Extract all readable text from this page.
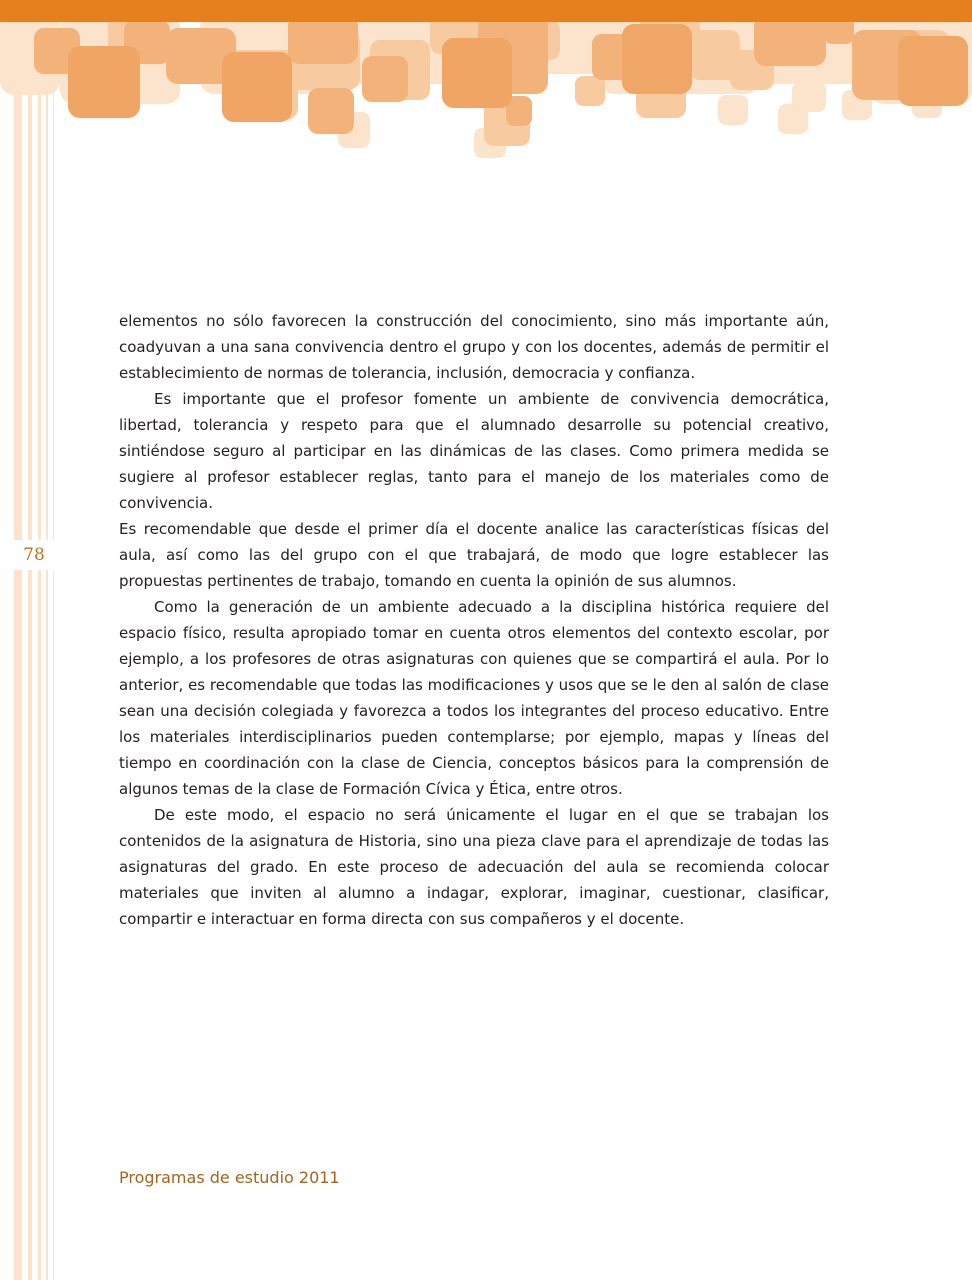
78

elementos no sólo favorecen la construcción del conocimiento, sino más importante aún, coadyuvan a una sana convivencia dentro el grupo y con los docentes, además de permitir el establecimiento de normas de tolerancia, inclusión, democracia y confianza.

Es importante que el profesor fomente un ambiente de convivencia democrática, libertad, tolerancia y respeto para que el alumnado desarrolle su potencial creativo, sintiéndose seguro al participar en las dinámicas de las clases. Como primera medida se sugiere al profesor establecer reglas, tanto para el manejo de los materiales como de convivencia.

Es recomendable que desde el primer día el docente analice las características físicas del aula, así como las del grupo con el que trabajará, de modo que logre establecer las propuestas pertinentes de trabajo, tomando en cuenta la opinión de sus alumnos.

Como la generación de un ambiente adecuado a la disciplina histórica requiere del espacio físico, resulta apropiado tomar en cuenta otros elementos del contexto escolar, por ejemplo, a los profesores de otras asignaturas con quienes que se compartirá el aula. Por lo anterior, es recomendable que todas las modificaciones y usos que se le den al salón de clase sean una decisión colegiada y favorezca a todos los integrantes del proceso educativo. Entre los materiales interdisciplinarios pueden contemplarse; por ejemplo, mapas y líneas del tiempo en coordinación con la clase de Ciencia, conceptos básicos para la comprensión de algunos temas de la clase de Formación Cívica y Ética, entre otros.

De este modo, el espacio no será únicamente el lugar en el que se trabajan los contenidos de la asignatura de Historia, sino una pieza clave para el aprendizaje de todas las asignaturas del grado. En este proceso de adecuación del aula se recomienda colocar materiales que inviten al alumno a indagar, explorar, imaginar, cuestionar, clasificar, compartir e interactuar en forma directa con sus compañeros y el docente.

Programas de estudio 2011
